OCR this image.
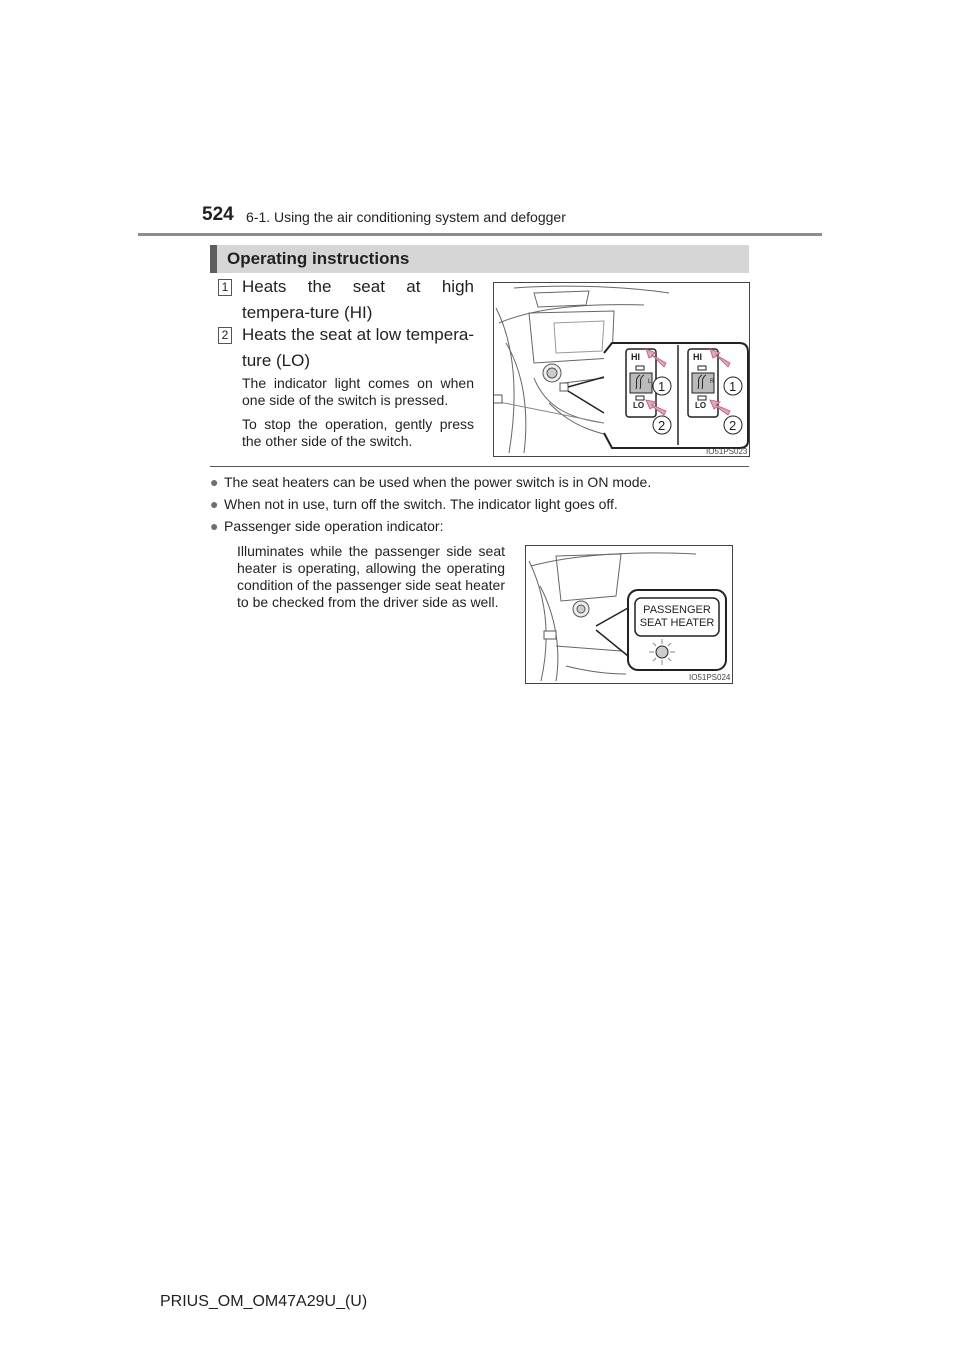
524 6-1. Using the air conditioning system and defogger
Operating instructions
1 Heats the seat at high tempera-ture (HI)
2 Heats the seat at low tempera-ture (LO)
The indicator light comes on when one side of the switch is pressed.
To stop the operation, gently press the other side of the switch.
HI
LO
L
HI
LO
R
1
2
1
2
IO51PS023
● The seat heaters can be used when the power switch is in ON mode.
● When not in use, turn off the switch. The indicator light goes off.
● Passenger side operation indicator:
Illuminates while the passenger side seat heater is operating, allowing the operating condition of the passenger side seat heater to be checked from the driver side as well.	PASSENGER
SEAT HEATER
IO51PS024
PRIUS_OM_OM47A29U_(U)
